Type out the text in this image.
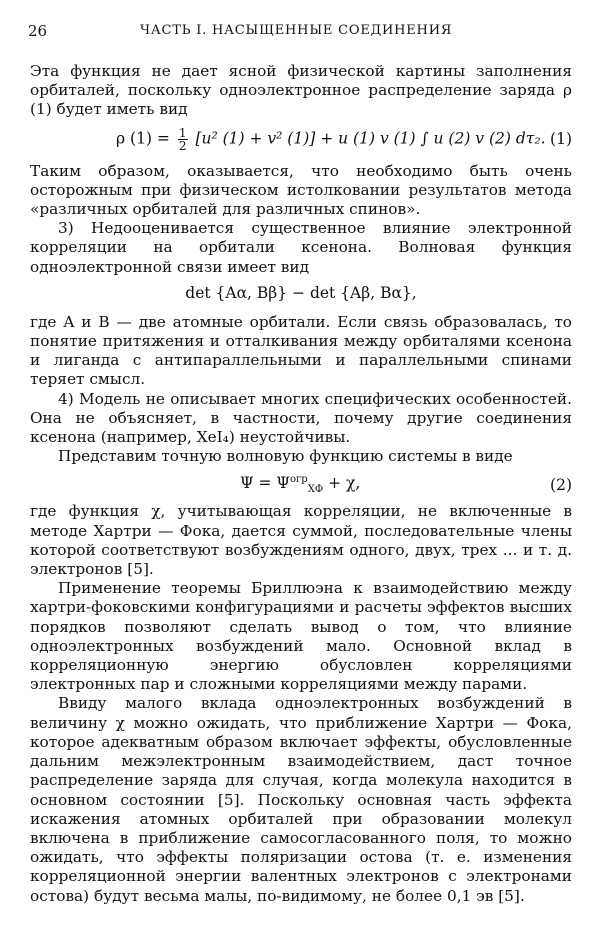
26	ЧАСТЬ I. НАСЫЩЕННЫЕ СОЕДИНЕНИЯ

Эта функция не дает ясной физической картины заполнения орбиталей, поскольку одноэлектронное распределение заряда ρ (1) будет иметь вид

ρ $(1) = \frac{1}{2} [u^2$ (1) + v² (1)] + u (1) v (1) ∫ u (2) v (2) dτ₂. (1)

Таким образом, оказывается, что необходимо быть очень осторожным при физическом истолковании результатов метода «различных орбиталей для различных спинов».

3) Недооценивается существенное влияние электронной корреляции на орбитали ксенона. Волновая функция одноэлектронной связи имеет вид

det {Aα, Bβ} − det {Aβ, Bα},

где A и B — две атомные орбитали. Если связь образовалась, то понятие притяжения и отталкивания между орбиталями ксенона и лиганда с антипараллельными и параллельными спинами теряет смысл.

4) Модель не описывает многих специфических особенностей. Она не объясняет, в частности, почему другие соединения ксенона (например, XeI₄) неустойчивы.

Представим точную волновую функцию системы в виде

$\Psi = \Psi^{огр}_{ХФ} + \chi$,	(2)

где функция χ, учитывающая корреляции, не включенные в методе Хартри — Фока, дается суммой, последовательные члены которой соответствуют возбуждениям одного, двух, трех ... и т. д. электронов [5].

Применение теоремы Бриллюэна к взаимодействию между хартри-фоковскими конфигурациями и расчеты эффектов высших порядков позволяют сделать вывод о том, что влияние одноэлектронных возбуждений мало. Основной вклад в корреляционную энергию обусловлен корреляциями электронных пар и сложными корреляциями между парами.

Ввиду малого вклада одноэлектронных возбуждений в величину χ можно ожидать, что приближение Хартри — Фока, которое адекватным образом включает эффекты, обусловленные дальним межэлектронным взаимодействием, даст точное распределение заряда для случая, когда молекула находится в основном состоянии [5]. Поскольку основная часть эффекта искажения атомных орбиталей при образовании молекул включена в приближение самосогласованного поля, то можно ожидать, что эффекты поляризации остова (т. е. изменения корреляционной энергии валентных электронов с электронами остова) будут весьма малы, по-видимому, не более 0,1 эв [5].
